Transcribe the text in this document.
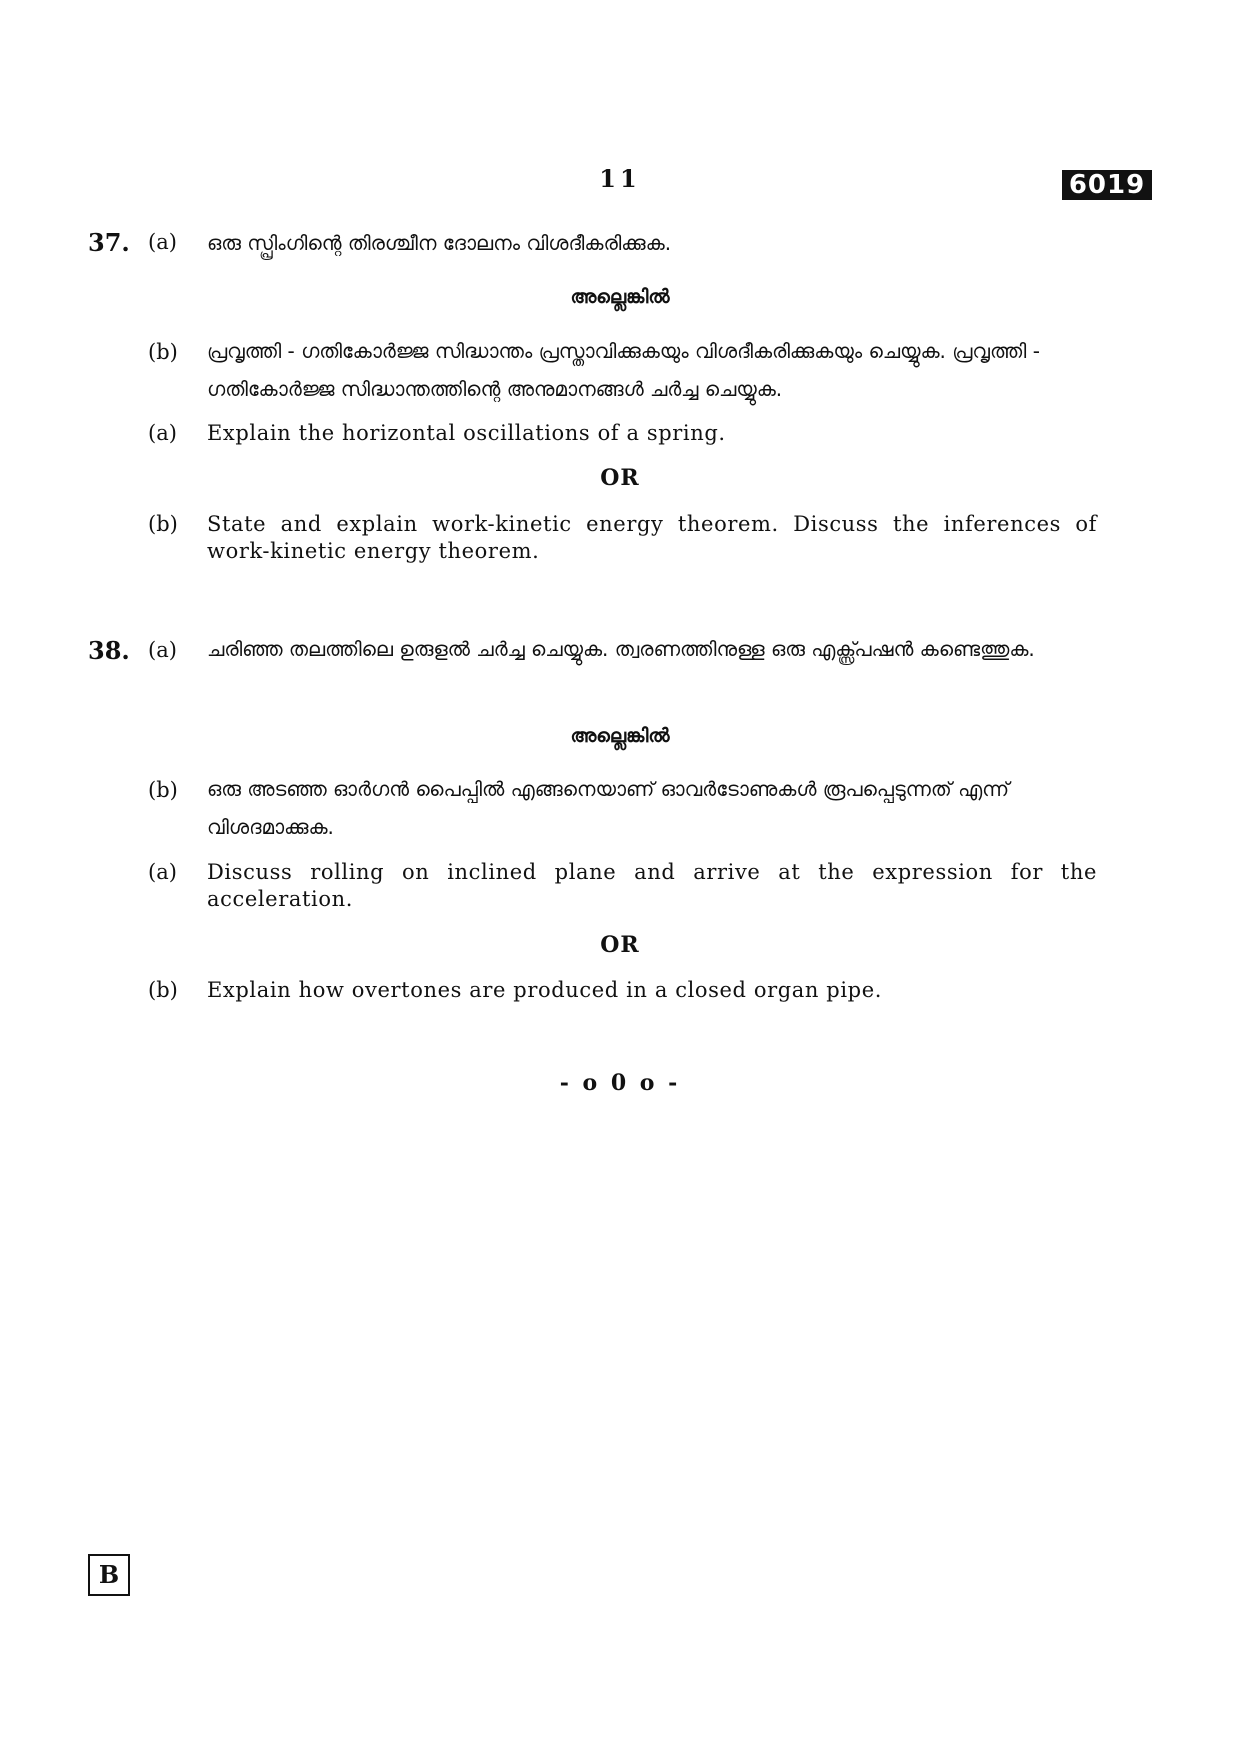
11	6019
37. (a) ഒരു സ്പ്രിംഗിന്റെ തിരശ്ചീന ദോലനം വിശദീകരിക്കുക.
അല്ലെങ്കിൽ
(b) പ്രവൃത്തി - ഗതികോർജ്ജ സിദ്ധാന്തം പ്രസ്താവിക്കുകയും വിശദീകരിക്കുകയും ചെയ്യുക. പ്രവൃത്തി - ഗതികോർജ്ജ സിദ്ധാന്തത്തിന്റെ അനുമാനങ്ങൾ ചർച്ച ചെയ്യുക.
(a) Explain the horizontal oscillations of a spring.
OR
(b) State and explain work-kinetic energy theorem. Discuss the inferences of work-kinetic energy theorem.
38. (a) ചരിഞ്ഞ തലത്തിലെ ഉരുളൽ ചർച്ച ചെയ്യുക. ത്വരണത്തിനുള്ള ഒരു എക്സ്പ്രഷൻ കണ്ടെത്തുക.
അല്ലെങ്കിൽ
(b) ഒരു അടഞ്ഞ ഓർഗൻ പൈപ്പിൽ എങ്ങനെയാണ് ഓവർടോണുകൾ രൂപപ്പെടുന്നത് എന്ന് വിശദമാക്കുക.
(a) Discuss rolling on inclined plane and arrive at the expression for the acceleration.
OR
(b) Explain how overtones are produced in a closed organ pipe.
- o 0 o -
B
